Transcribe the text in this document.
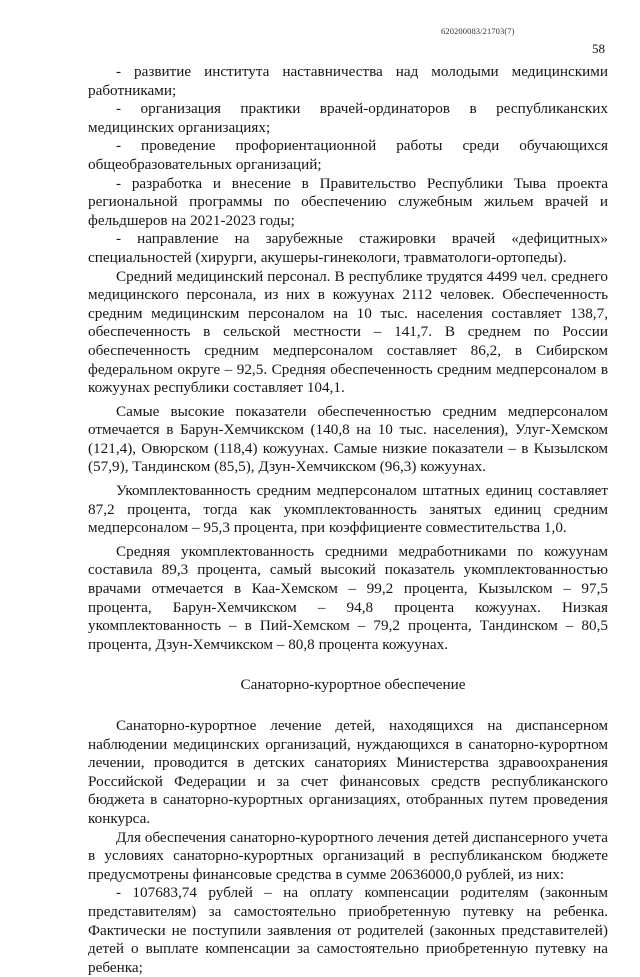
620200083/21703(7)
58

- развитие института наставничества над молодыми медицинскими работниками;

- организация практики врачей-ординаторов в республиканских медицинских организациях;

- проведение профориентационной работы среди обучающихся общеобразовательных организаций;

- разработка и внесение в Правительство Республики Тыва проекта региональной программы по обеспечению служебным жильем врачей и фельдшеров на 2021-2023 годы;

- направление на зарубежные стажировки врачей «дефицитных» специальностей (хирурги, акушеры-гинекологи, травматологи-ортопеды).

Средний медицинский персонал. В республике трудятся 4499 чел. среднего медицинского персонала, из них в кожуунах 2112 человек. Обеспеченность средним медицинским персоналом на 10 тыс. населения составляет 138,7, обеспеченность в сельской местности – 141,7. В среднем по России обеспеченность средним медперсоналом составляет 86,2, в Сибирском федеральном округе – 92,5. Средняя обеспеченность средним медперсоналом в кожуунах республики составляет 104,1.

Самые высокие показатели обеспеченностью средним медперсоналом отмечается в Барун-Хемчикском (140,8 на 10 тыс. населения), Улуг-Хемском (121,4), Овюрском (118,4) кожуунах. Самые низкие показатели – в Кызылском (57,9), Тандинском (85,5), Дзун-Хемчикском (96,3) кожуунах.

Укомплектованность средним медперсоналом штатных единиц составляет 87,2 процента, тогда как укомплектованность занятых единиц средним медперсоналом – 95,3 процента, при коэффициенте совместительства 1,0.

Средняя укомплектованность средними медработниками по кожуунам составила 89,3 процента, самый высокий показатель укомплектованностью врачами отмечается в Каа-Хемском – 99,2 процента, Кызылском – 97,5 процента, Барун-Хемчикском – 94,8 процента кожуунах. Низкая укомплектованность – в Пий-Хемском – 79,2 процента, Тандинском – 80,5 процента, Дзун-Хемчикском – 80,8 процента кожуунах.

Санаторно-курортное обеспечение

Санаторно-курортное лечение детей, находящихся на диспансерном наблюдении медицинских организаций, нуждающихся в санаторно-курортном лечении, проводится в детских санаториях Министерства здравоохранения Российской Федерации и за счет финансовых средств республиканского бюджета в санаторно-курортных организациях, отобранных путем проведения конкурса.

Для обеспечения санаторно-курортного лечения детей диспансерного учета в условиях санаторно-курортных организаций в республиканском бюджете предусмотрены финансовые средства в сумме 20636000,0 рублей, из них:

- 107683,74 рублей – на оплату компенсации родителям (законным представителям) за самостоятельно приобретенную путевку на ребенка. Фактически не поступили заявления от родителей (законных представителей) детей о выплате компенсации за самостоятельно приобретенную путевку на ребенка;
